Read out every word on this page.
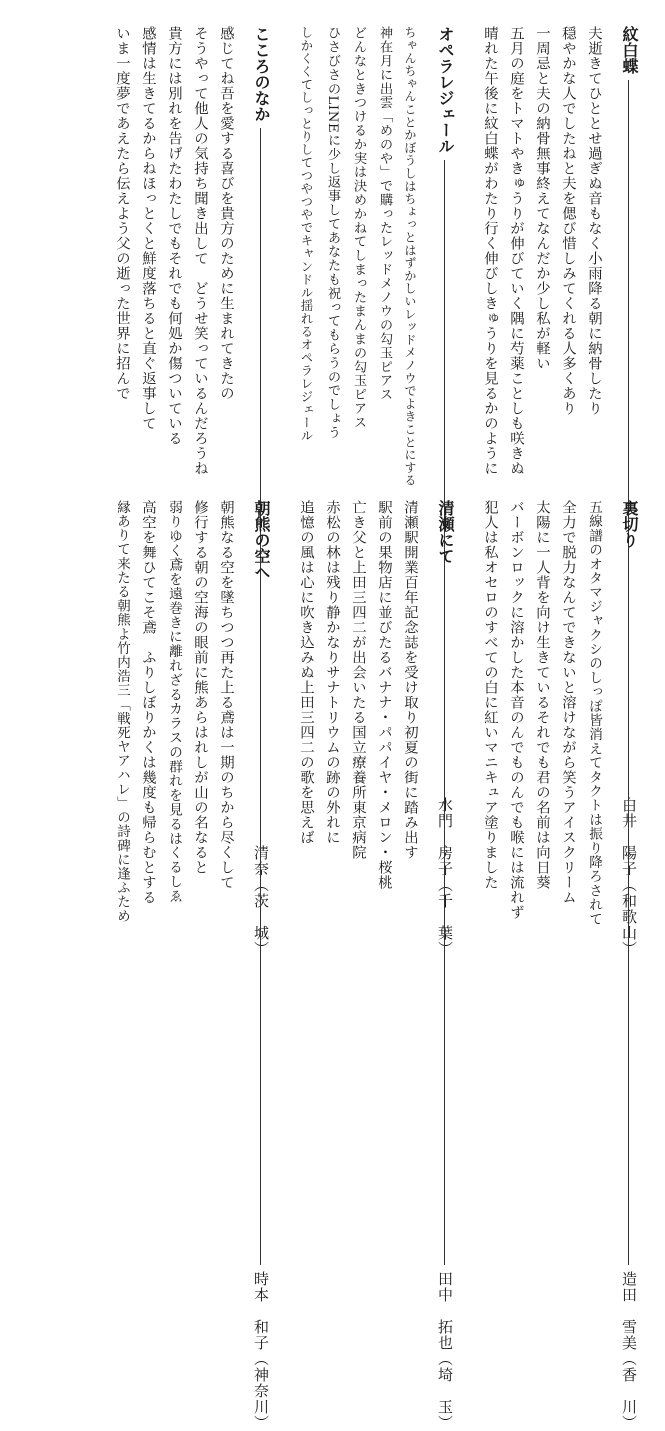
紋白蝶
白井　陽子（和歌山）

夫逝きてひととせ過ぎぬ音もなく小雨降る朝に納骨したり

穏やかな人でしたねと夫を偲び惜しみてくれる人多くあり

一周忌と夫の納骨無事終えてなんだか少し私が軽い

五月の庭をトマトやきゅうりが伸びていく隅に芍薬ことしも咲きぬ

晴れた午後に紋白蝶がわたり行く伸びしきゅうりを見るかのように

オペラレジェール
水門　房子（千　葉）

ちゃんちゃんことかぼうしはちょっとはずかしいレッドメノウでよきことにする

神在月に出雲「めのや」で購ったレッドメノウの勾玉ピアス

どんなときつけるか実は決めかねてしまったまんまの勾玉ピアス

ひさびさのLINEに少し返事してあなたも祝ってもらうのでしょう

しかくくてしっとりしてつやつやでキャンドル揺れるオペラレジェール

こころのなか
清奈（茨　城）

感じてね吾を愛する喜びを貴方のために生まれてきたの

そうやって他人の気持ち聞き出して　どうせ笑っているんだろうね

貴方には別れを告げたわたしでもそれでも何処か傷ついている

感情は生きてるからねほっとくと鮮度落ちると直ぐ返事して

いま一度夢であえたら伝えよう父の逝った世界に招んで

裏切り

五線譜のオタマジャクシのしっぽ皆消えてタクトは振り降ろされて

全力で脱力なんてできないと溶けながら笑うアイスクリーム

太陽に一人背を向け生きているそれでも君の名前は向日葵

バーボンロックに溶かした本音のんでものんでも喉には流れず

犯人は私オセロのすべての白に紅いマニキュア塗りました

清瀬にて

清瀬駅開業百年記念誌を受け取り初夏の街に踏み出す

駅前の果物店に並びたるバナナ・パパイヤ・メロン・桜桃

亡き父と上田三四二が出会いたる国立療養所東京病院

赤松の林は残り静かなりサナトリウムの跡の外れに

追憶の風は心に吹き込みぬ上田三四二の歌を思えば

朝熊の空へ

朝熊なる空を墜ちつつ再た上る鳶は一期のちから尽くして

修行する朝の空海の眼前に熊あらはれしが山の名なると

弱りゆく鳶を遠巻きに離れざるカラスの群れを見るはくるしゑ

高空を舞ひてこそ鳶　ふりしぼりかくは幾度も帰らむとする

縁ありて来たる朝熊よ竹内浩三「戦死ヤアハレ」の詩碑に逢ふため
